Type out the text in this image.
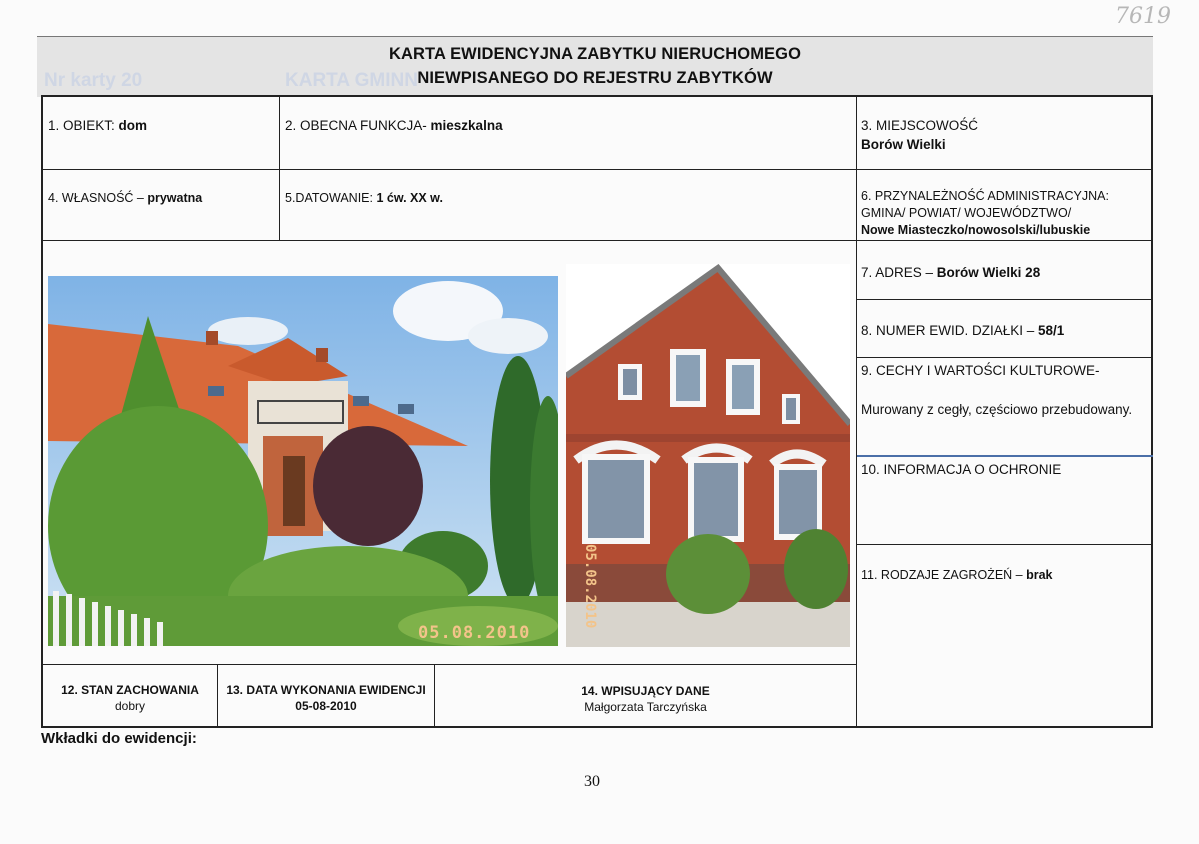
7619
Nr karty 20	KARTA GMINN
KARTA EWIDENCYJNA ZABYTKU NIERUCHOMEGO
NIEWPISANEGO DO REJESTRU ZABYTKÓW
1. OBIEKT: dom	2. OBECNA FUNKCJA- mieszkalna	3. MIEJSCOWOŚĆ
Borów Wielki
4. WŁASNOŚĆ – prywatna	5.DATOWANIE: 1 ćw. XX w.	6. PRZYNALEŻNOŚĆ ADMINISTRACYJNA:
GMINA/ POWIAT/ WOJEWÓDZTWO/
Nowe Miasteczko/nowosolski/lubuskie
7. ADRES – Borów Wielki 28
8. NUMER EWID. DZIAŁKI – 58/1
9. CECHY I WARTOŚCI KULTUROWE-
Murowany z cegły, częściowo przebudowany.
10. INFORMACJA O OCHRONIE
11. RODZAJE ZAGROŻEŃ – brak
05.08.2010
05.08.2010
12. STAN ZACHOWANIA
dobry
13. DATA WYKONANIA EWIDENCJI
05-08-2010
14. WPISUJĄCY DANE
Małgorzata Tarczyńska
Wkładki do ewidencji:
30
